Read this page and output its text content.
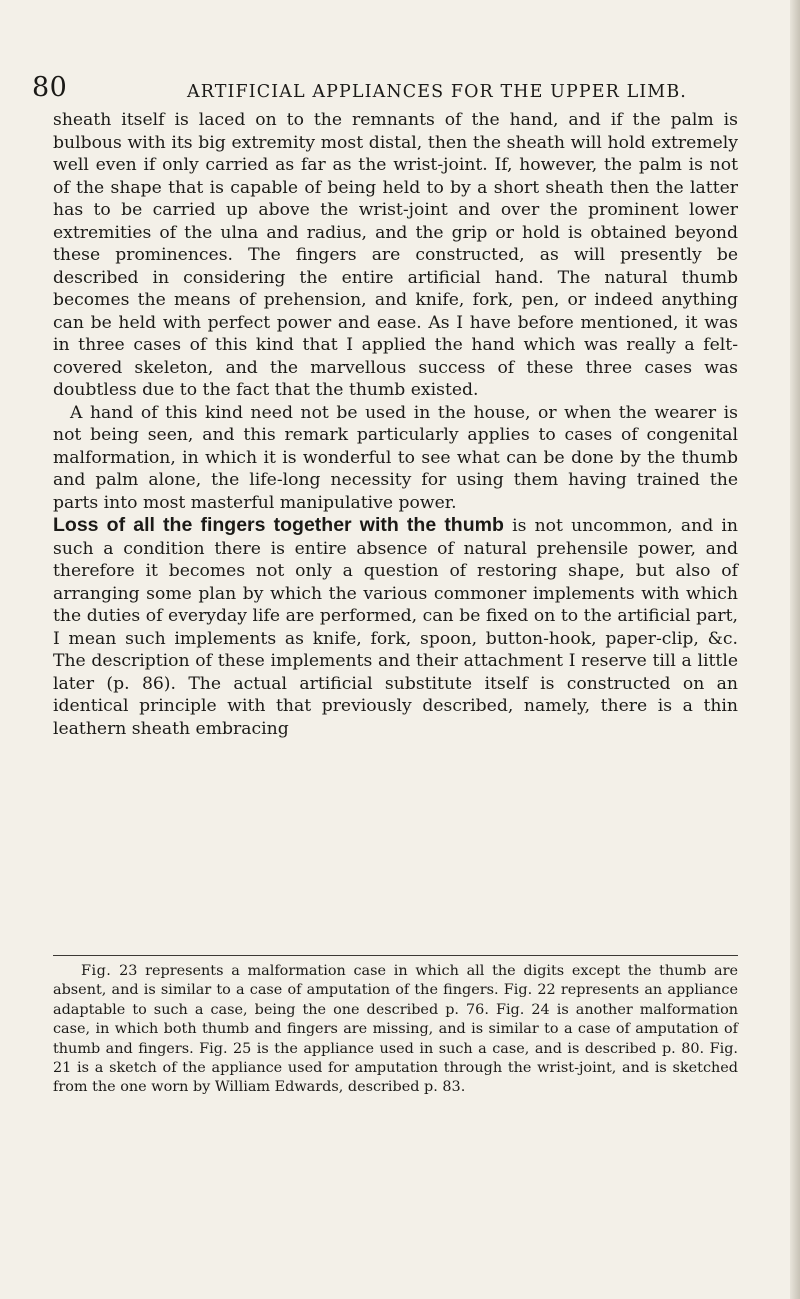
80	ARTIFICIAL APPLIANCES FOR THE UPPER LIMB.

sheath itself is laced on to the remnants of the hand, and if the palm is bulbous with its big extremity most distal, then the sheath will hold extremely well even if only carried as far as the wrist-joint. If, however, the palm is not of the shape that is capable of being held to by a short sheath then the latter has to be carried up above the wrist-joint and over the prominent lower extremities of the ulna and radius, and the grip or hold is obtained beyond these prominences. The fingers are constructed, as will presently be described in considering the entire artificial hand. The natural thumb becomes the means of prehension, and knife, fork, pen, or indeed anything can be held with perfect power and ease. As I have before mentioned, it was in three cases of this kind that I applied the hand which was really a felt-covered skeleton, and the marvellous success of these three cases was doubtless due to the fact that the thumb existed.

A hand of this kind need not be used in the house, or when the wearer is not being seen, and this remark particularly applies to cases of congenital malformation, in which it is wonderful to see what can be done by the thumb and palm alone, the life-long necessity for using them having trained the parts into most masterful manipulative power.

Loss of all the fingers together with the thumb is not uncommon, and in such a condition there is entire absence of natural prehensile power, and therefore it becomes not only a question of restoring shape, but also of arranging some plan by which the various commoner implements with which the duties of everyday life are performed, can be fixed on to the artificial part, I mean such implements as knife, fork, spoon, button-hook, paper-clip, &c. The description of these implements and their attachment I reserve till a little later (p. 86). The actual artificial substitute itself is constructed on an identical principle with that previously described, namely, there is a thin leathern sheath embracing

Fig. 23 represents a malformation case in which all the digits except the thumb are absent, and is similar to a case of amputation of the fingers. Fig. 22 represents an appliance adaptable to such a case, being the one described p. 76. Fig. 24 is another malformation case, in which both thumb and fingers are missing, and is similar to a case of amputation of thumb and fingers. Fig. 25 is the appliance used in such a case, and is described p. 80. Fig. 21 is a sketch of the appliance used for amputation through the wrist-joint, and is sketched from the one worn by William Edwards, described p. 83.
